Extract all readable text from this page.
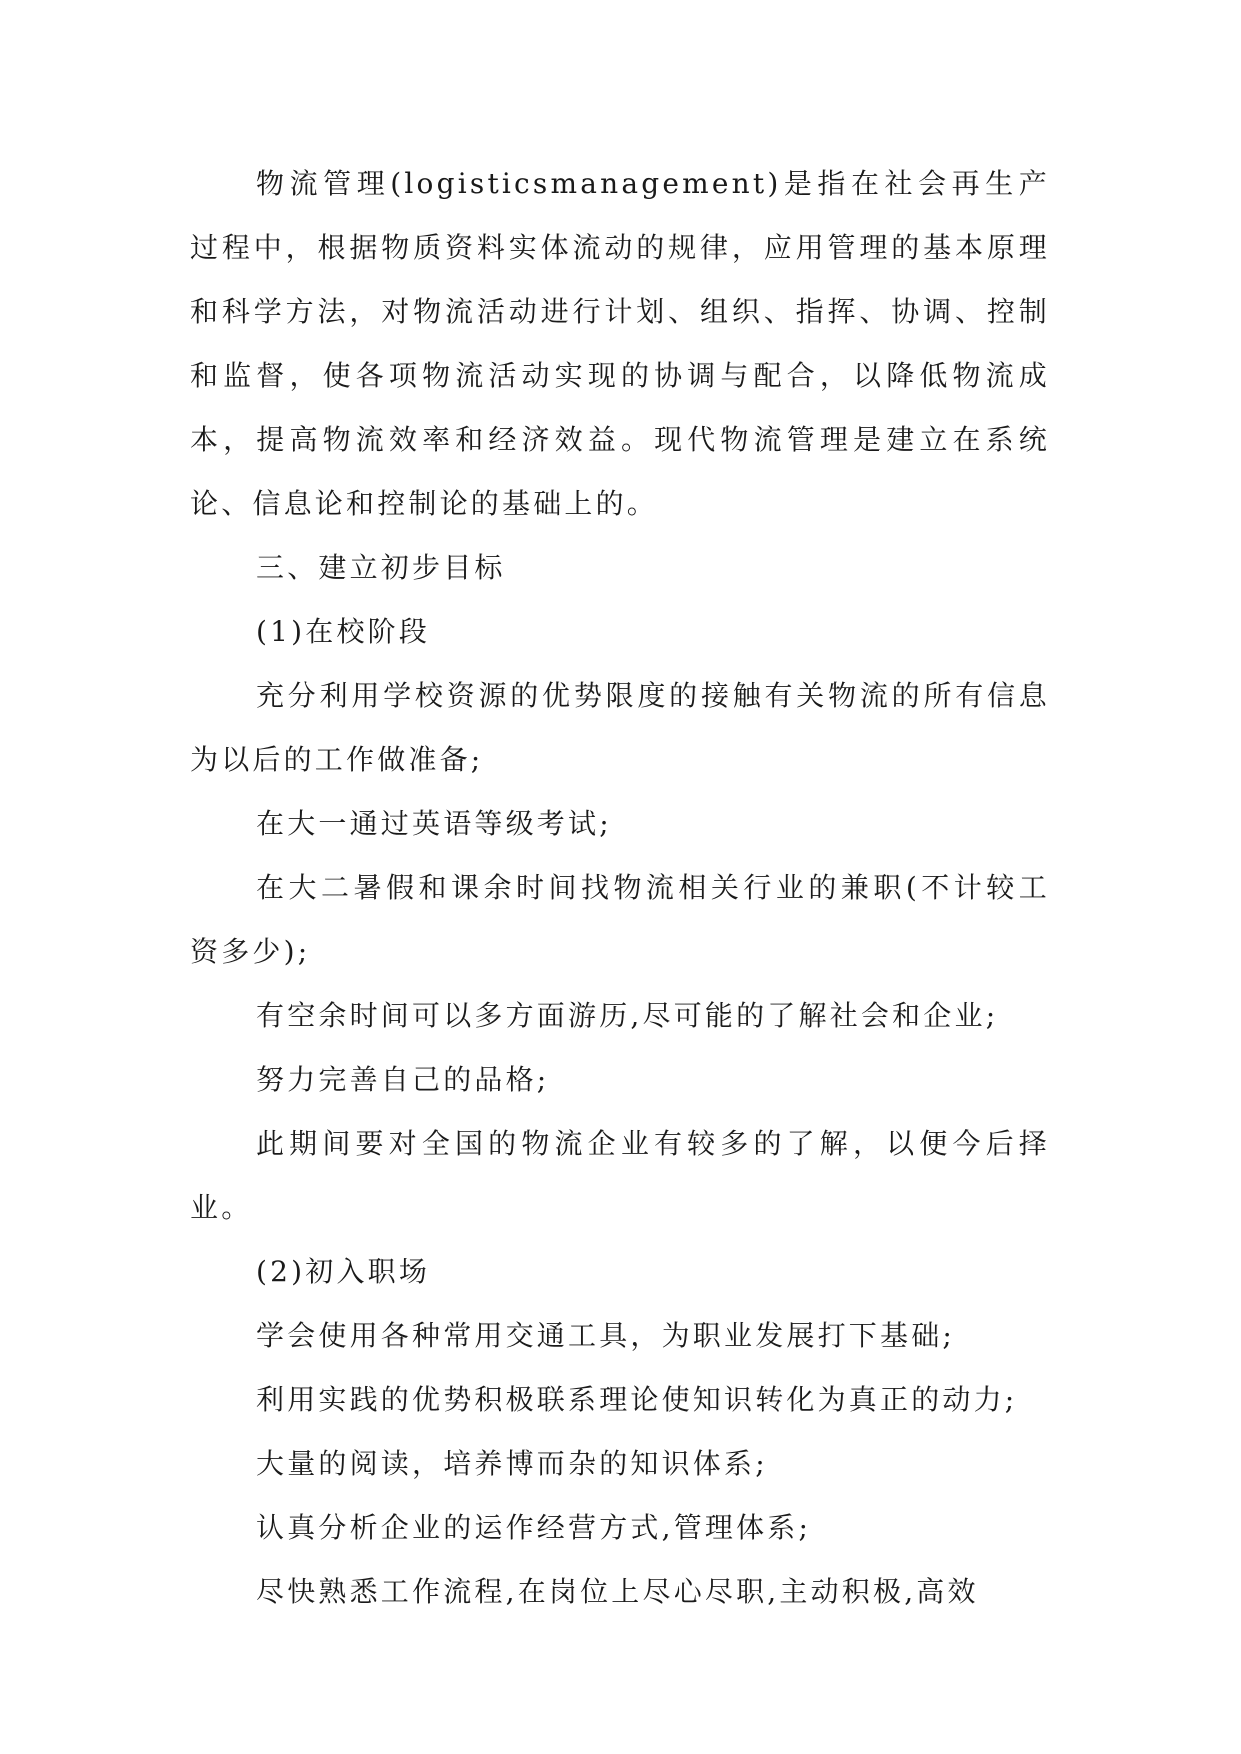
物流管理(logisticsmanagement)是指在社会再生产过程中，根据物质资料实体流动的规律，应用管理的基本原理和科学方法，对物流活动进行计划、组织、指挥、协调、控制和监督，使各项物流活动实现的协调与配合，以降低物流成本，提高物流效率和经济效益。现代物流管理是建立在系统论、信息论和控制论的基础上的。

三、建立初步目标

(1)在校阶段

充分利用学校资源的优势限度的接触有关物流的所有信息为以后的工作做准备;

在大一通过英语等级考试;

在大二暑假和课余时间找物流相关行业的兼职(不计较工资多少);

有空余时间可以多方面游历,尽可能的了解社会和企业;

努力完善自己的品格;

此期间要对全国的物流企业有较多的了解，以便今后择业。

(2)初入职场

学会使用各种常用交通工具，为职业发展打下基础;

利用实践的优势积极联系理论使知识转化为真正的动力;

大量的阅读，培养博而杂的知识体系;

认真分析企业的运作经营方式,管理体系;

尽快熟悉工作流程,在岗位上尽心尽职,主动积极,高效
